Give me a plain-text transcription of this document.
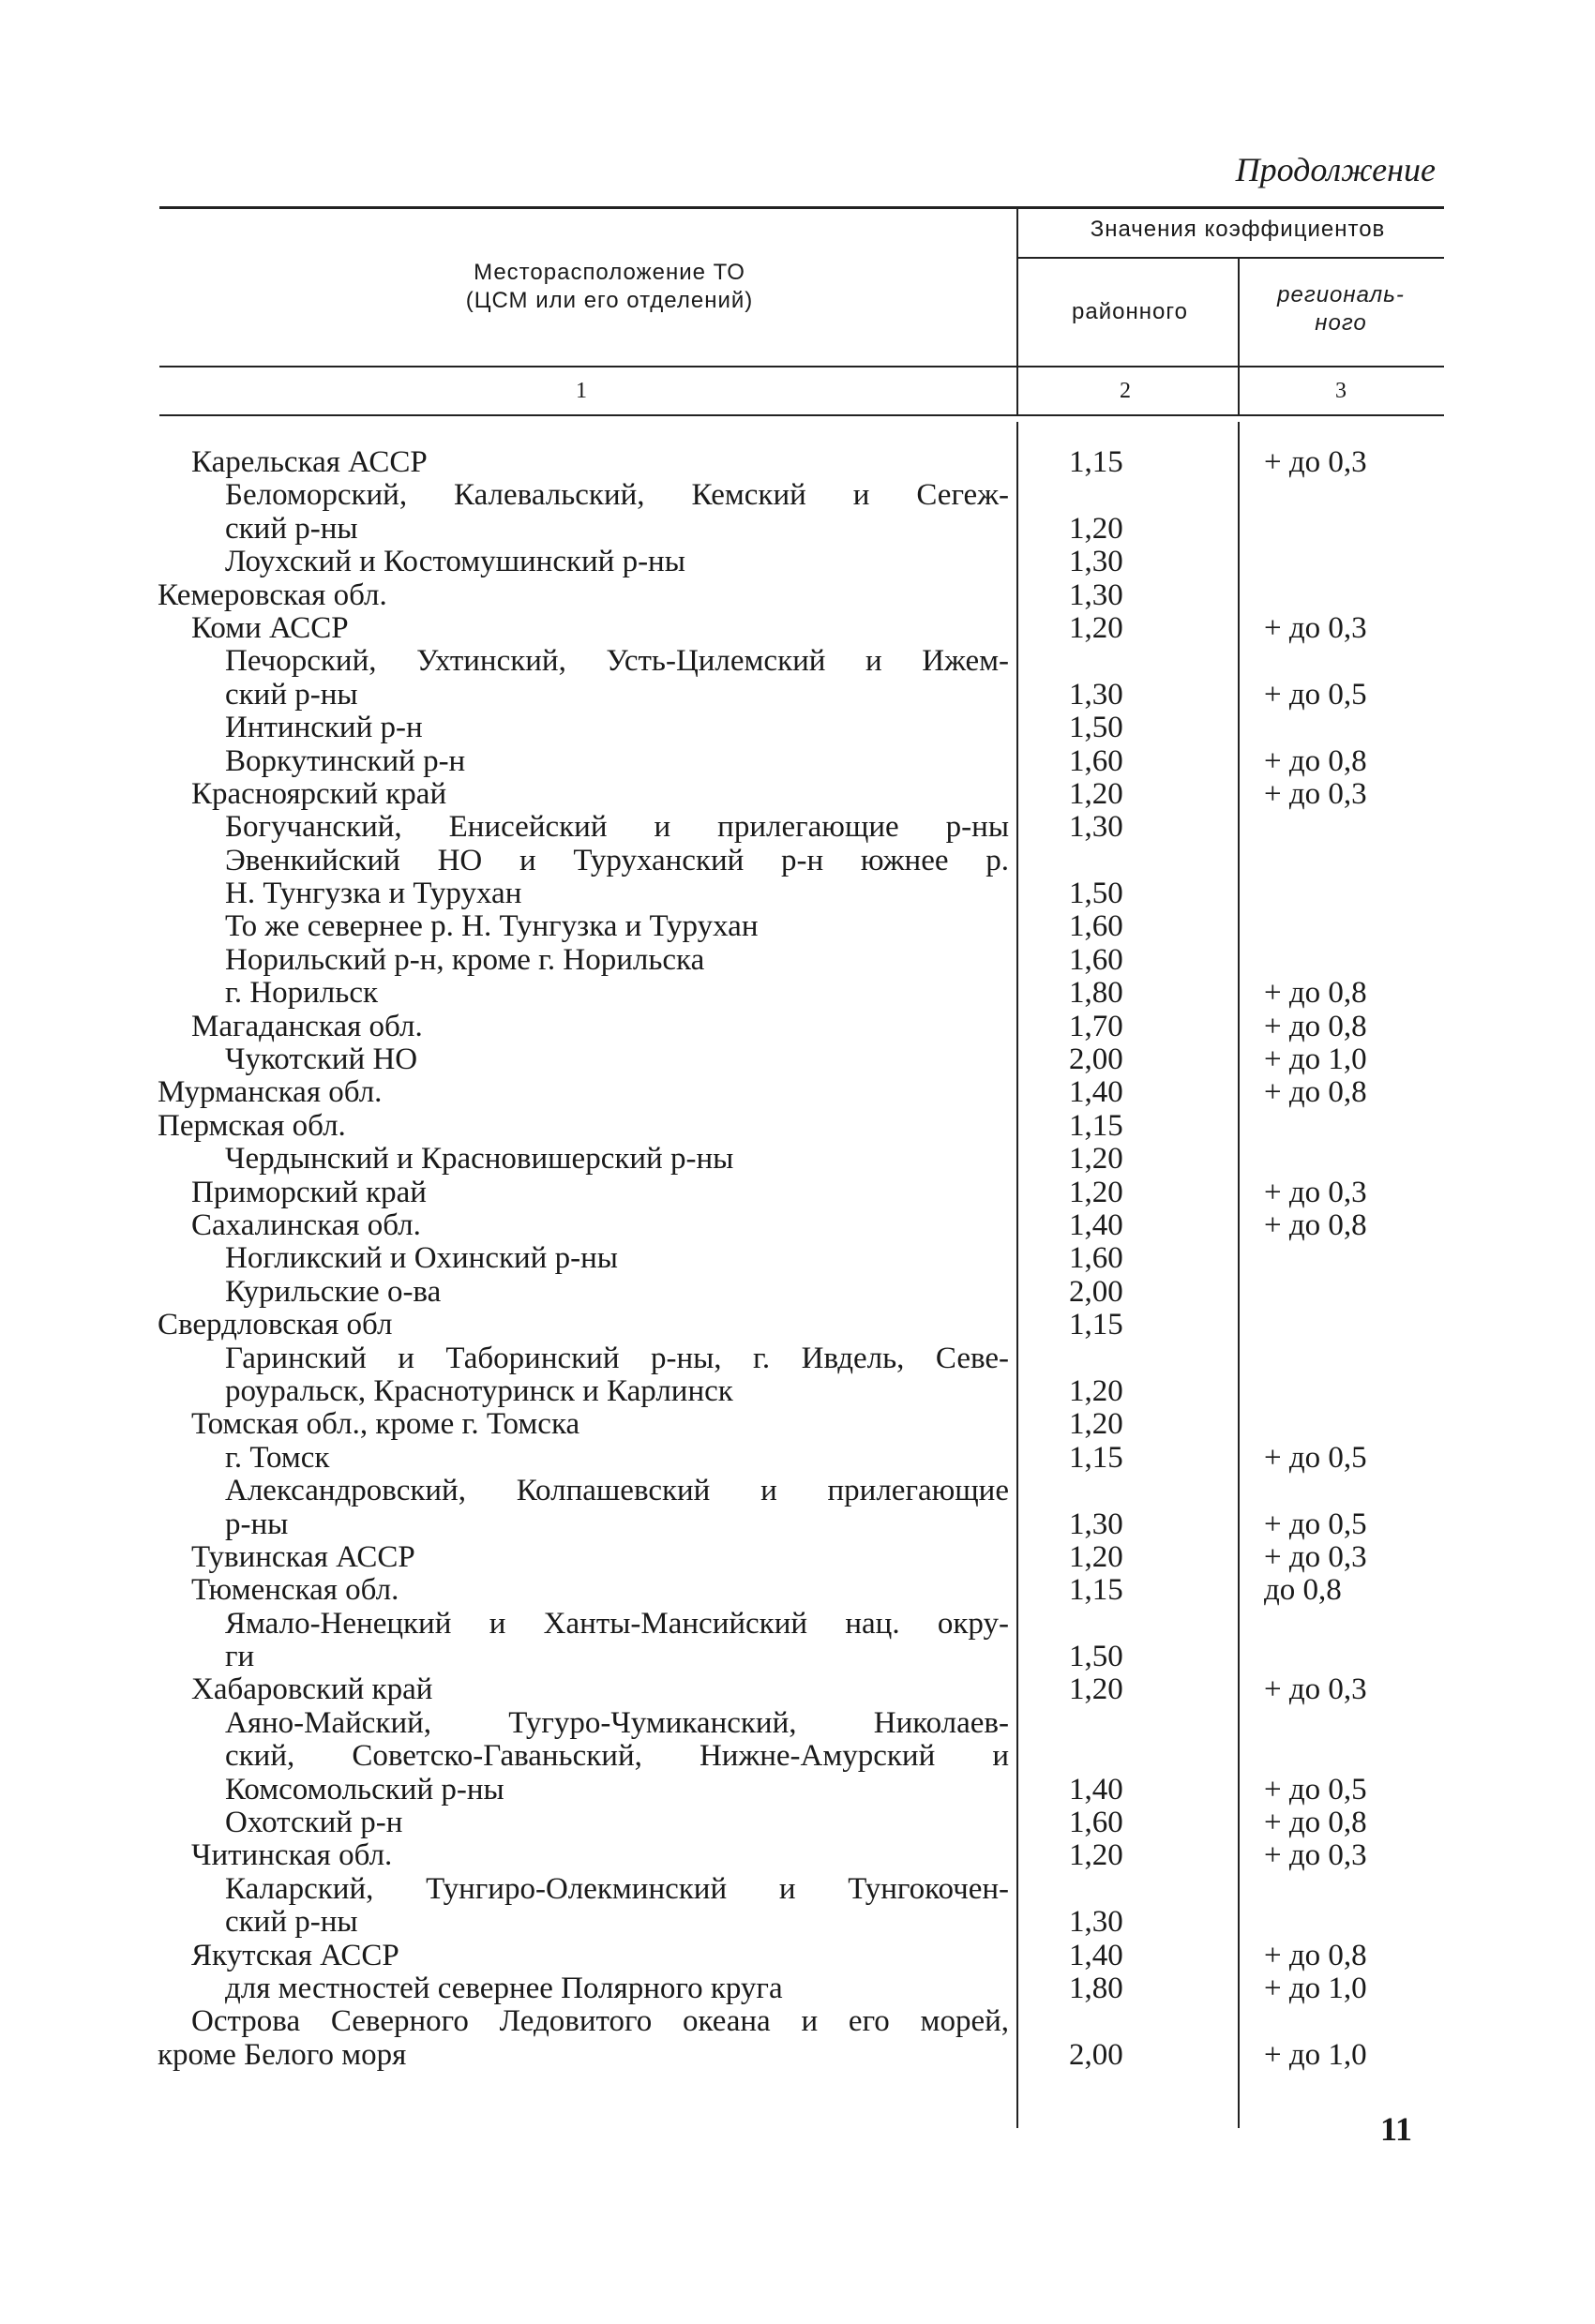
Продолжение
Месторасположение ТО
(ЦСМ или его отделений)
Значения коэффициентов
районного
региональ-
ного
1	2	3
Карельская АССР	1,15	+ до 0,3
Беломорский, Калевальский, Кемский и Сегеж-
ский р-ны	1,20
Лоухский и Костомушинский р-ны	1,30
Кемеровская обл.	1,30
Коми АССР	1,20	+ до 0,3
Печорский, Ухтинский, Усть-Цилемский и Ижем-
ский р-ны	1,30	+ до 0,5
Интинский р-н	1,50
Воркутинский р-н	1,60	+ до 0,8
Красноярский край	1,20	+ до 0,3
Богучанский, Енисейский и прилегающие р-ны 1,30
Эвенкийский НО и Туруханский р-н южнее р.
Н. Тунгузка и Турухан	1,50
То же севернее р. Н. Тунгузка и Турухан	1,60
Норильский р-н, кроме г. Норильска	1,60
г. Норильск	1,80	+ до 0,8
Магаданская обл.	1,70	+ до 0,8
Чукотский НО	2,00	+ до 1,0
Мурманская обл.	1,40	+ до 0,8
Пермская обл.	1,15
Чердынский и Красновишерский р-ны	1,20
Приморский край	1,20	+ до 0,3
Сахалинская обл.	1,40	+ до 0,8
Ногликский и Охинский р-ны	1,60
Курильские о-ва	2,00
Свердловская обл	1,15
Гаринский и Таборинский р-ны, г. Ивдель, Севе-
роуральск, Краснотуринск и Карлинск	1,20
Томская обл., кроме г. Томска	1,20
г. Томск	1,15	+ до 0,5
Александровский, Колпашевский и прилегающие
р-ны	1,30	+ до 0,5
Тувинская АССР	1,20	+ до 0,3
Тюменская обл.	1,15	до 0,8
Ямало-Ненецкий и Ханты-Мансийский нац. окру-
ги	1,50
Хабаровский край	1,20	+ до 0,3
Аяно-Майский, Тугуро-Чумиканский, Николаев-
ский, Советско-Гаваньский, Нижне-Амурский и
Комсомольский р-ны	1,40	+ до 0,5
Охотский р-н	1,60	+ до 0,8
Читинская обл.	1,20	+ до 0,3
Каларский, Тунгиро-Олекминский и Тунгокочен-
ский р-ны	1,30
Якутская АССР	1,40	+ до 0,8
для местностей севернее Полярного круга	1,80	+ до 1,0
Острова Северного Ледовитого океана и его морей,
кроме Белого моря	2,00	+ до 1,0
11
